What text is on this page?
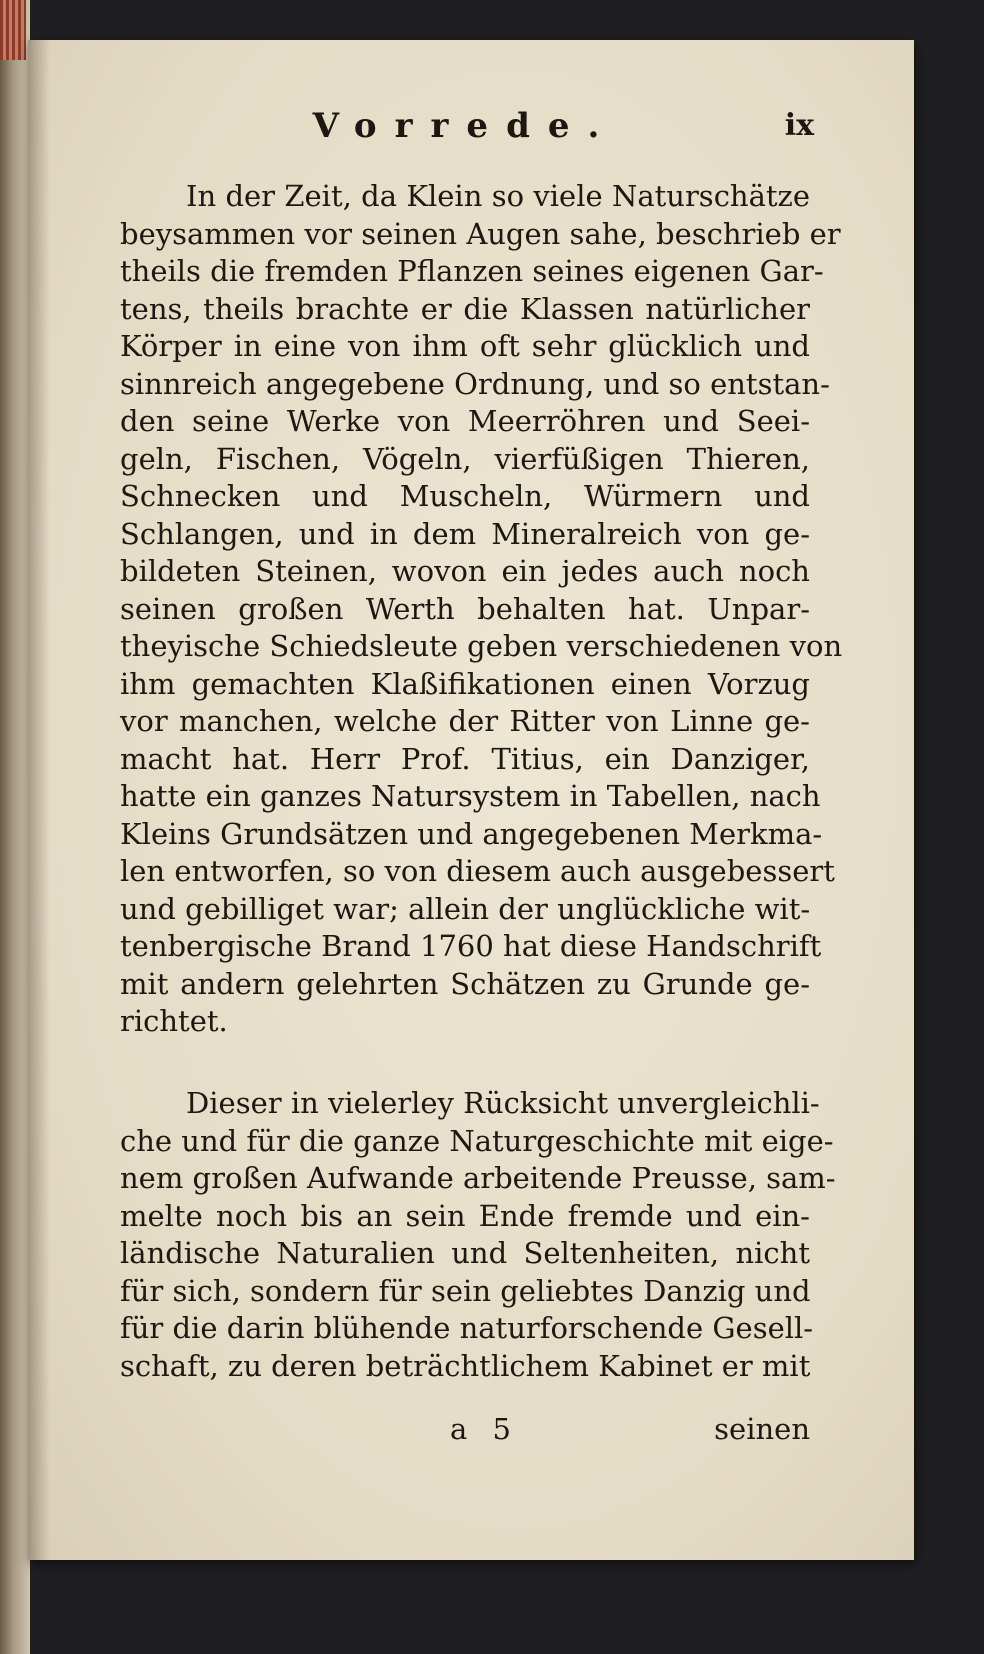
Vorrede.	ix
In der Zeit, da Klein so viele Naturschätze
beysammen vor seinen Augen sahe, beschrieb er
theils die fremden Pflanzen seines eigenen Gar-
tens, theils brachte er die Klassen natürlicher
Körper in eine von ihm oft sehr glücklich und
sinnreich angegebene Ordnung, und so entstan-
den seine Werke von Meerröhren und Seei-
geln, Fischen, Vögeln, vierfüßigen Thieren,
Schnecken und Muscheln, Würmern und
Schlangen, und in dem Mineralreich von ge-
bildeten Steinen, wovon ein jedes auch noch
seinen großen Werth behalten hat. Unpar-
theyische Schiedsleute geben verschiedenen von
ihm gemachten Klaßifikationen einen Vorzug
vor manchen, welche der Ritter von Linne ge-
macht hat. Herr Prof. Titius, ein Danziger,
hatte ein ganzes Natursystem in Tabellen, nach
Kleins Grundsätzen und angegebenen Merkma-
len entworfen, so von diesem auch ausgebessert
und gebilliget war; allein der unglückliche wit-
tenbergische Brand 1760 hat diese Handschrift
mit andern gelehrten Schätzen zu Grunde ge-
richtet.
Dieser in vielerley Rücksicht unvergleichli-
che und für die ganze Naturgeschichte mit eige-
nem großen Aufwande arbeitende Preusse, sam-
melte noch bis an sein Ende fremde und ein-
ländische Naturalien und Seltenheiten, nicht
für sich, sondern für sein geliebtes Danzig und
für die darin blühende naturforschende Gesell-
schaft, zu deren beträchtlichem Kabinet er mit
a 5	seinen
